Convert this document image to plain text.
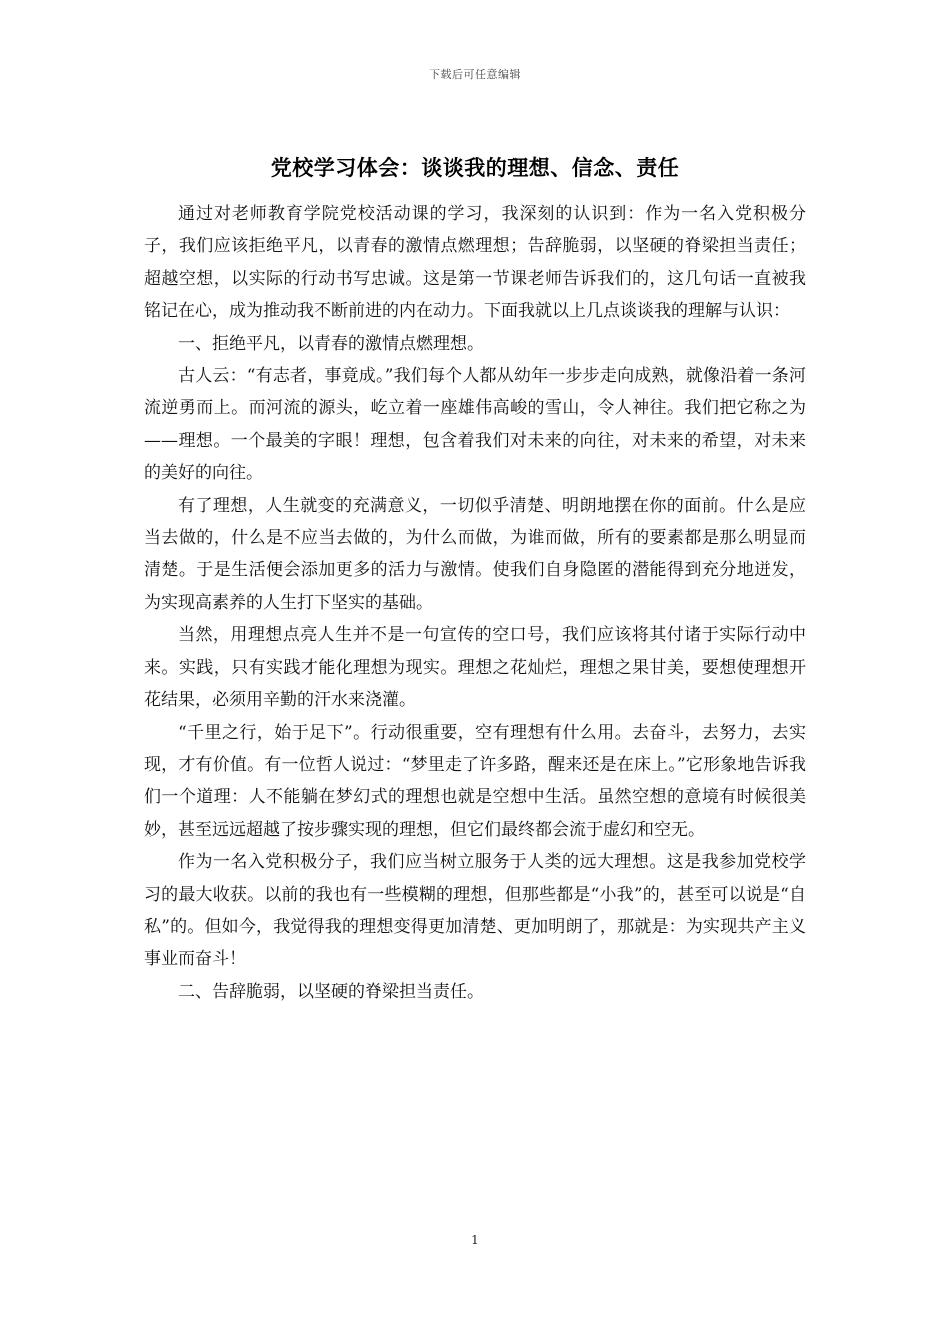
下载后可任意编辑
党校学习体会：谈谈我的理想、信念、责任

通过对老师教育学院党校活动课的学习，我深刻的认识到：作为一名入党积极分子，我们应该拒绝平凡，以青春的激情点燃理想；告辞脆弱，以坚硬的脊梁担当责任；超越空想，以实际的行动书写忠诚。这是第一节课老师告诉我们的，这几句话一直被我铭记在心，成为推动我不断前进的内在动力。下面我就以上几点谈谈我的理解与认识：

一、拒绝平凡，以青春的激情点燃理想。

古人云：“有志者，事竟成。”我们每个人都从幼年一步步走向成熟，就像沿着一条河流逆勇而上。而河流的源头，屹立着一座雄伟高峻的雪山，令人神往。我们把它称之为——理想。一个最美的字眼！理想，包含着我们对未来的向往，对未来的希望，对未来的美好的向往。

有了理想，人生就变的充满意义，一切似乎清楚、明朗地摆在你的面前。什么是应当去做的，什么是不应当去做的，为什么而做，为谁而做，所有的要素都是那么明显而清楚。于是生活便会添加更多的活力与激情。使我们自身隐匿的潜能得到充分地迸发，为实现高素养的人生打下坚实的基础。

当然，用理想点亮人生并不是一句宣传的空口号，我们应该将其付诸于实际行动中来。实践，只有实践才能化理想为现实。理想之花灿烂，理想之果甘美，要想使理想开花结果，必须用辛勤的汗水来浇灌。

“千里之行，始于足下”。行动很重要，空有理想有什么用。去奋斗，去努力，去实现，才有价值。有一位哲人说过：“梦里走了许多路，醒来还是在床上。”它形象地告诉我们一个道理：人不能躺在梦幻式的理想也就是空想中生活。虽然空想的意境有时候很美妙，甚至远远超越了按步骤实现的理想，但它们最终都会流于虚幻和空无。

作为一名入党积极分子，我们应当树立服务于人类的远大理想。这是我参加党校学习的最大收获。以前的我也有一些模糊的理想，但那些都是“小我”的，甚至可以说是“自私”的。但如今，我觉得我的理想变得更加清楚、更加明朗了，那就是：为实现共产主义事业而奋斗！

二、告辞脆弱，以坚硬的脊梁担当责任。

1
